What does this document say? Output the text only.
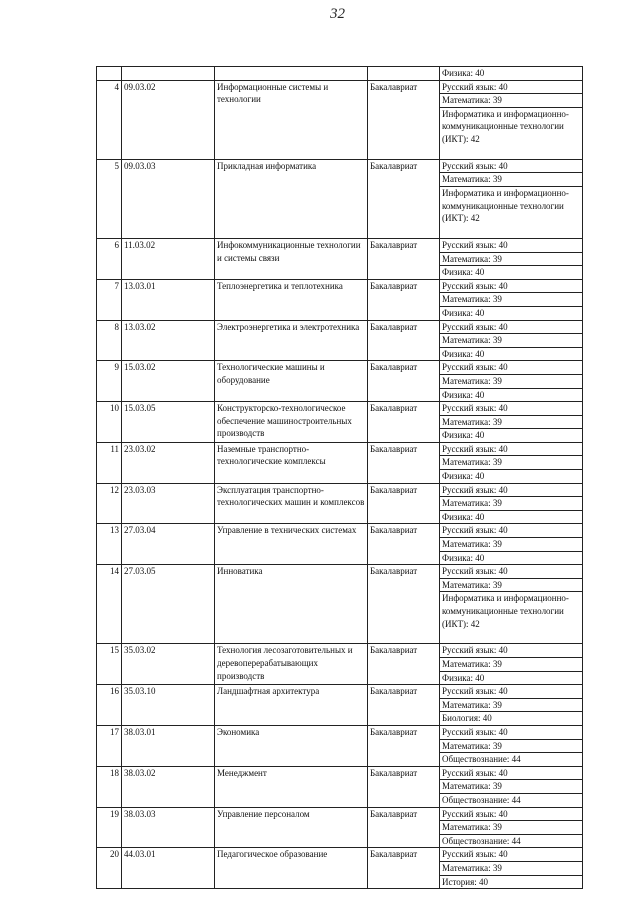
32
				Физика: 40
4	09.03.02	Информационные системы и технологии	Бакалавриат	Русский язык: 40
				Математика: 39
				Информатика и информационно-коммуникационные технологии (ИКТ): 42
5	09.03.03	Прикладная информатика	Бакалавриат	Русский язык: 40
				Математика: 39
				Информатика и информационно-коммуникационные технологии (ИКТ): 42
6	11.03.02	Инфокоммуникационные технологии и системы связи	Бакалавриат	Русский язык: 40
				Математика: 39
				Физика: 40
7	13.03.01	Теплоэнергетика и теплотехника	Бакалавриат	Русский язык: 40
				Математика: 39
				Физика: 40
8	13.03.02	Электроэнергетика и электротехника	Бакалавриат	Русский язык: 40
				Математика: 39
				Физика: 40
9	15.03.02	Технологические машины и оборудование	Бакалавриат	Русский язык: 40
				Математика: 39
				Физика: 40
10	15.03.05	Конструкторско-технологическое обеспечение машиностроительных производств	Бакалавриат	Русский язык: 40
				Математика: 39
				Физика: 40
11	23.03.02	Наземные транспортно-технологические комплексы	Бакалавриат	Русский язык: 40
				Математика: 39
				Физика: 40
12	23.03.03	Эксплуатация транспортно-технологических машин и комплексов	Бакалавриат	Русский язык: 40
				Математика: 39
				Физика: 40
13	27.03.04	Управление в технических системах	Бакалавриат	Русский язык: 40
				Математика: 39
				Физика: 40
14	27.03.05	Инноватика	Бакалавриат	Русский язык: 40
				Математика: 39
				Информатика и информационно-коммуникационные технологии (ИКТ): 42
15	35.03.02	Технология лесозаготовительных и деревоперерабатывающих производств	Бакалавриат	Русский язык: 40
				Математика: 39
				Физика: 40
16	35.03.10	Ландшафтная архитектура	Бакалавриат	Русский язык: 40
				Математика: 39
				Биология: 40
17	38.03.01	Экономика	Бакалавриат	Русский язык: 40
				Математика: 39
				Обществознание: 44
18	38.03.02	Менеджмент	Бакалавриат	Русский язык: 40
				Математика: 39
				Обществознание: 44
19	38.03.03	Управление персоналом	Бакалавриат	Русский язык: 40
				Математика: 39
				Обществознание: 44
20	44.03.01	Педагогическое образование	Бакалавриат	Русский язык: 40
				Математика: 39
				История: 40
